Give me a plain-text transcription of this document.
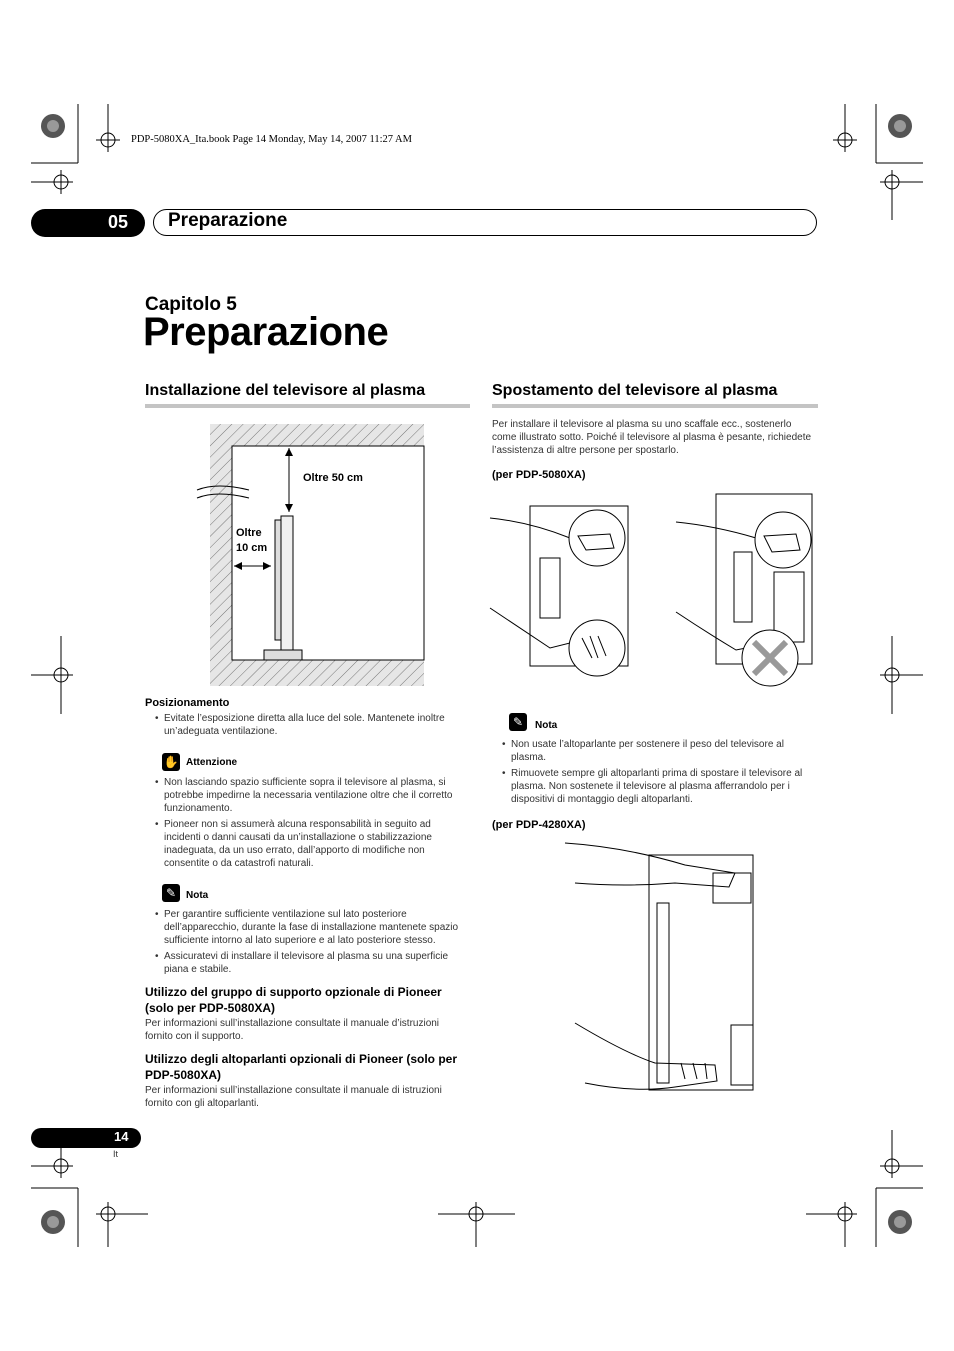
PDP-5080XA_Ita.book Page 14 Monday, May 14, 2007 11:27 AM
05 Preparazione
Capitolo 5
Preparazione
Installazione del televisore al plasma
Oltre 50 cm
Oltre
10 cm
Posizionamento
• Evitate l’esposizione diretta alla luce del sole. Mantenete inoltre un’adeguata ventilazione.
✋ Attenzione
• Non lasciando spazio sufficiente sopra il televisore al plasma, si potrebbe impedirne la necessaria ventilazione oltre che il corretto funzionamento.
• Pioneer non si assumerà alcuna responsabilità in seguito ad incidenti o danni causati da un’installazione o stabilizzazione inadeguata, da un uso errato, dall’apporto di modifiche non consentite o da catastrofi naturali.
✎ Nota
• Per garantire sufficiente ventilazione sul lato posteriore dell’apparecchio, durante la fase di installazione mantenete spazio sufficiente intorno al lato superiore e al lato posteriore stesso.
• Assicuratevi di installare il televisore al plasma su una superficie piana e stabile.
Utilizzo del gruppo di supporto opzionale di Pioneer (solo per PDP-5080XA)
Per informazioni sull’installazione consultate il manuale d’istruzioni fornito con il supporto.
Utilizzo degli altoparlanti opzionali di Pioneer (solo per PDP-5080XA)
Per informazioni sull’installazione consultate il manuale di istruzioni fornito con gli altoparlanti.
Spostamento del televisore al plasma
Per installare il televisore al plasma su uno scaffale ecc., sostenerlo come illustrato sotto. Poiché il televisore al plasma è pesante, richiedete l’assistenza di altre persone per spostarlo.
(per PDP-5080XA)
✎	Nota
• Non usate l’altoparlante per sostenere il peso del televisore al plasma.
• Rimuovete sempre gli altoparlanti prima di spostare il televisore al plasma. Non sostenete il televisore al plasma afferrandolo per i dispositivi di montaggio degli altoparlanti.
(per PDP-4280XA)
14
It
